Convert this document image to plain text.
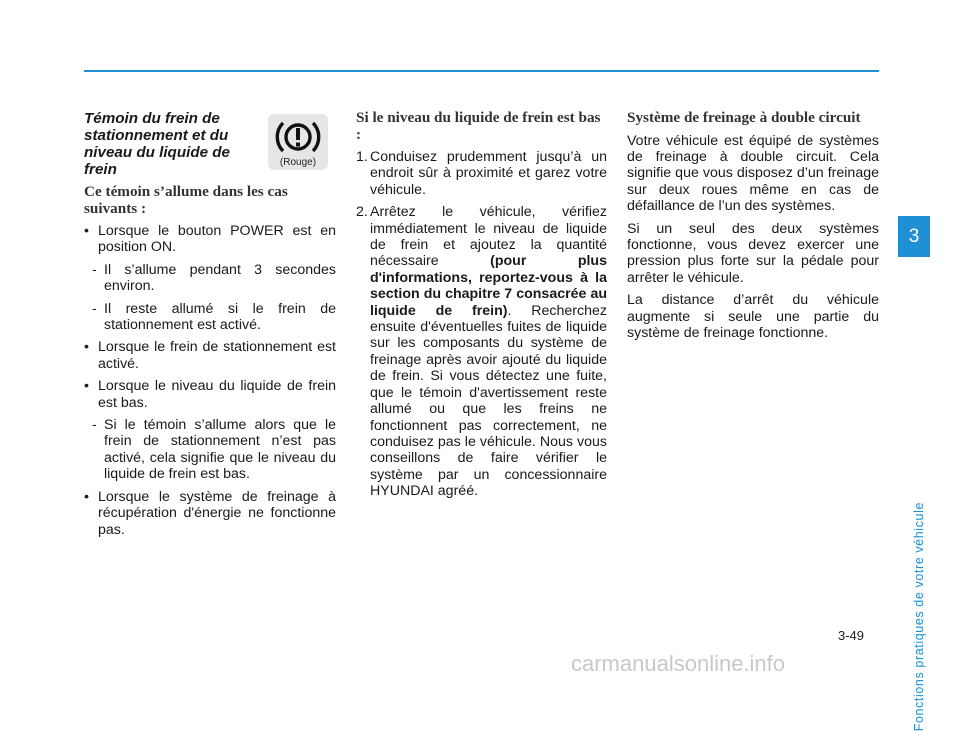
Témoin du frein de stationnement et du niveau du liquide de frein	(Rouge)
Ce témoin s’allume dans les cas suivants :
• Lorsque le bouton POWER est en position ON.
- Il s’allume pendant 3 secondes environ.
- Il reste allumé si le frein de stationnement est activé.
• Lorsque le frein de stationnement est activé.
• Lorsque le niveau du liquide de frein est bas.
- Si le témoin s’allume alors que le frein de stationnement n’est pas activé, cela signifie que le niveau du liquide de frein est bas.
• Lorsque le système de freinage à récupération d'énergie ne fonctionne pas.
Si le niveau du liquide de frein est bas :
1. Conduisez prudemment jusqu’à un endroit sûr à proximité et garez votre véhicule.
2. Arrêtez le véhicule, vérifiez immédiatement le niveau de liquide de frein et ajoutez la quantité nécessaire (pour plus d'informations, reportez-vous à la section du chapitre 7 consacrée au liquide de frein). Recherchez ensuite d'éventuelles fuites de liquide sur les composants du système de freinage après avoir ajouté du liquide de frein. Si vous détectez une fuite, que le témoin d'avertissement reste allumé ou que les freins ne fonctionnent pas correctement, ne conduisez pas le véhicule. Nous vous conseillons de faire vérifier le système par un concessionnaire HYUNDAI agréé.
Système de freinage à double circuit

Votre véhicule est équipé de systèmes de freinage à double circuit. Cela signifie que vous disposez d’un freinage sur deux roues même en cas de défaillance de l’un des systèmes.

Si un seul des deux systèmes fonctionne, vous devez exercer une pression plus forte sur la pédale pour arrêter le véhicule.

La distance d’arrêt du véhicule augmente si seule une partie du système de freinage fonctionne.

3
Fonctions pratiques de votre véhicule
3-49
carmanualsonline.info
